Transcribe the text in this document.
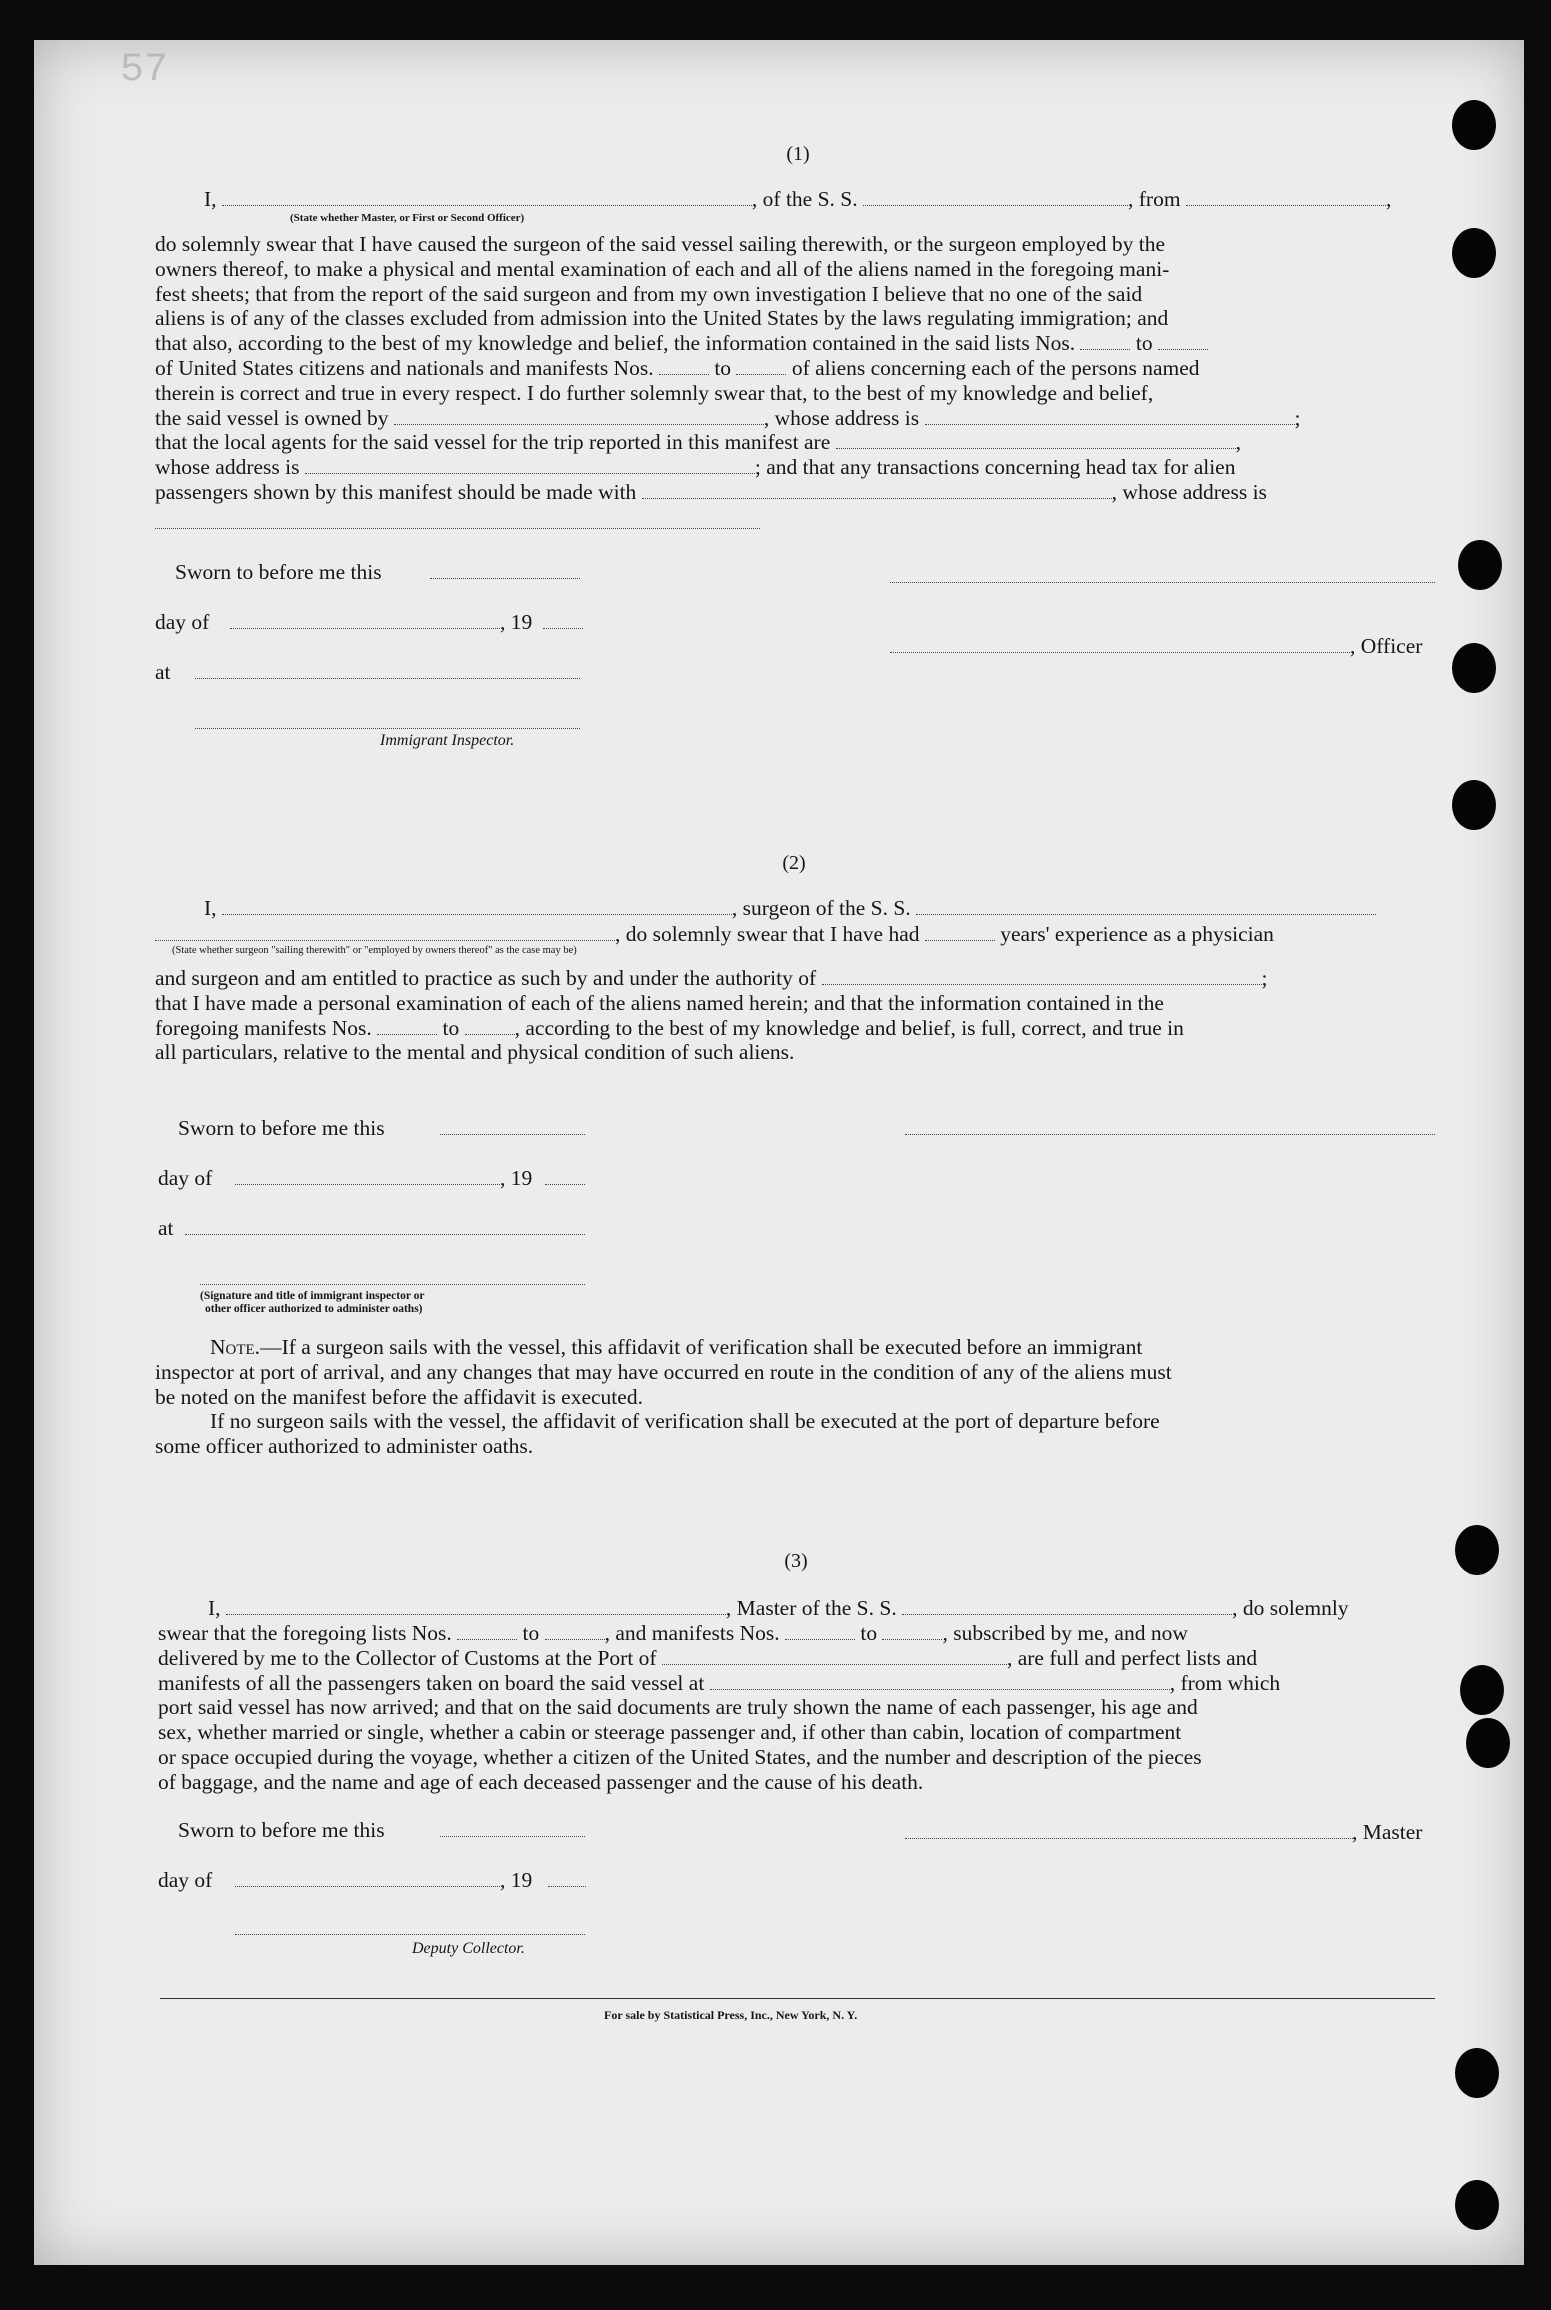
57
(1)
I,	, of the S. S.	, from	,
(State whether Master, or First or Second Officer)
do solemnly swear that I have caused the surgeon of the said vessel sailing therewith, or the surgeon employed by the
owners thereof, to make a physical and mental examination of each and all of the aliens named in the foregoing mani-
fest sheets; that from the report of the said surgeon and from my own investigation I believe that no one of the said
aliens is of any of the classes excluded from admission into the United States by the laws regulating immigration; and
that also, according to the best of my knowledge and belief, the information contained in the said lists Nos.	to
of United States citizens and nationals and manifests Nos.	to	of aliens concerning each of the persons named
therein is correct and true in every respect. I do further solemnly swear that, to the best of my knowledge and belief,
the said vessel is owned by	, whose address is	;
that the local agents for the said vessel for the trip reported in this manifest are	,
whose address is	; and that any transactions concerning head tax for alien
passengers shown by this manifest should be made with	, whose address is
Sworn to before me this
day of	, 19
, Officer
at
Immigrant Inspector.
(2)
I,	, surgeon of the S. S.
, do solemnly swear that I have had	years' experience as a physician
(State whether surgeon "sailing therewith" or "employed by owners thereof" as the case may be)
and surgeon and am entitled to practice as such by and under the authority of	;
that I have made a personal examination of each of the aliens named herein; and that the information contained in the
foregoing manifests Nos.	to	, according to the best of my knowledge and belief, is full, correct, and true in
all particulars, relative to the mental and physical condition of such aliens.
Sworn to before me this
day of	, 19
at
(Signature and title of immigrant inspector or
other officer authorized to administer oaths)
Note.—If a surgeon sails with the vessel, this affidavit of verification shall be executed before an immigrant
inspector at port of arrival, and any changes that may have occurred en route in the condition of any of the aliens must
be noted on the manifest before the affidavit is executed.
If no surgeon sails with the vessel, the affidavit of verification shall be executed at the port of departure before
some officer authorized to administer oaths.
(3)
I,	, Master of the S. S.	, do solemnly
swear that the foregoing lists Nos.	to	, and manifests Nos.	to	, subscribed by me, and now
delivered by me to the Collector of Customs at the Port of	, are full and perfect lists and
manifests of all the passengers taken on board the said vessel at	, from which
port said vessel has now arrived; and that on the said documents are truly shown the name of each passenger, his age and
sex, whether married or single, whether a cabin or steerage passenger and, if other than cabin, location of compartment
or space occupied during the voyage, whether a citizen of the United States, and the number and description of the pieces
of baggage, and the name and age of each deceased passenger and the cause of his death.
Sworn to before me this	, Master
day of	, 19
Deputy Collector.
For sale by Statistical Press, Inc., New York, N. Y.
